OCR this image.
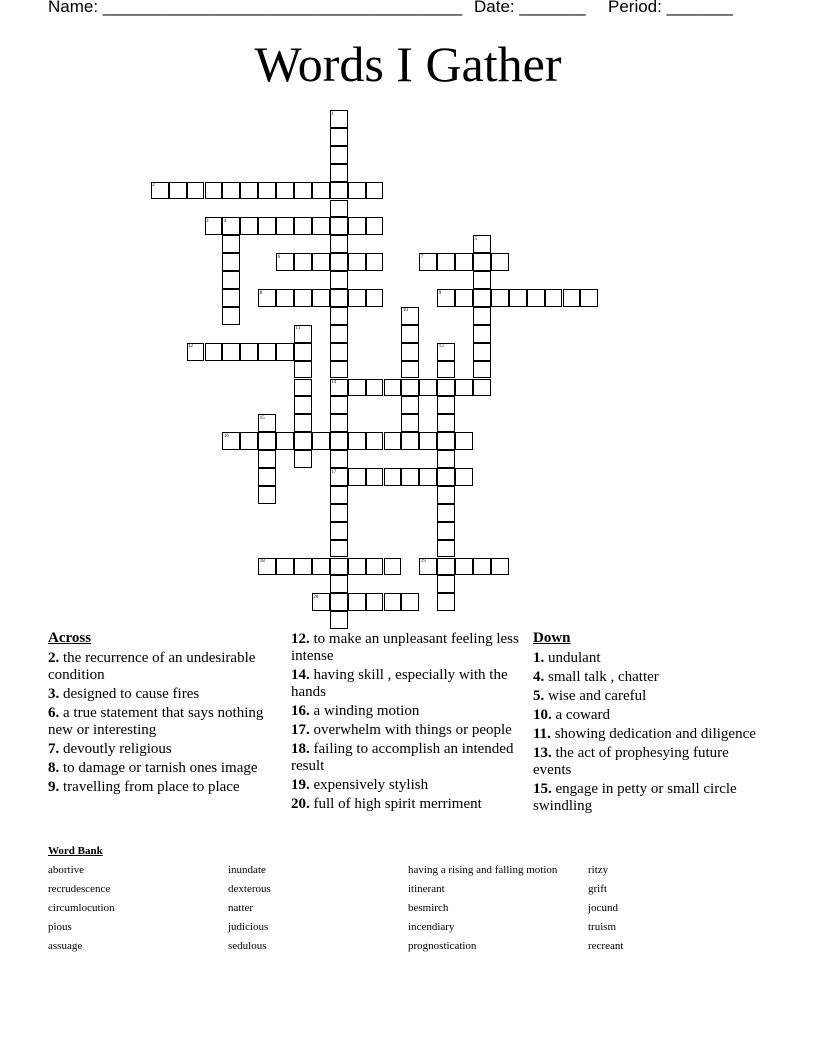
Name: ______________________________________ Date: _______ Period: _______
Words I Gather
1
2
3	4
5
6	7
8	9
10
11
12	13
14
15
16
17
18	19
20
Across
2. the recurrence of an undesirable condition
3. designed to cause fires
6. a true statement that says nothing new or interesting
7. devoutly religious
8. to damage or tarnish ones image
9. travelling from place to place
12. to make an unpleasant feeling less intense
14. having skill , especially with the hands
16. a winding motion
17. overwhelm with things or people
18. failing to accomplish an intended result
19. expensively stylish
20. full of high spirit merriment
Down
1. undulant
4. small talk , chatter
5. wise and careful
10. a coward
11. showing dedication and diligence
13. the act of prophesying future events
15. engage in petty or small circle swindling
Word Bank
abortive
recrudescence
circumlocution
pious
assuage
inundate
dexterous
natter
judicious
sedulous
having a rising and falling motion
itinerant
besmirch
incendiary
prognostication
ritzy
grift
jocund
truism
recreant
